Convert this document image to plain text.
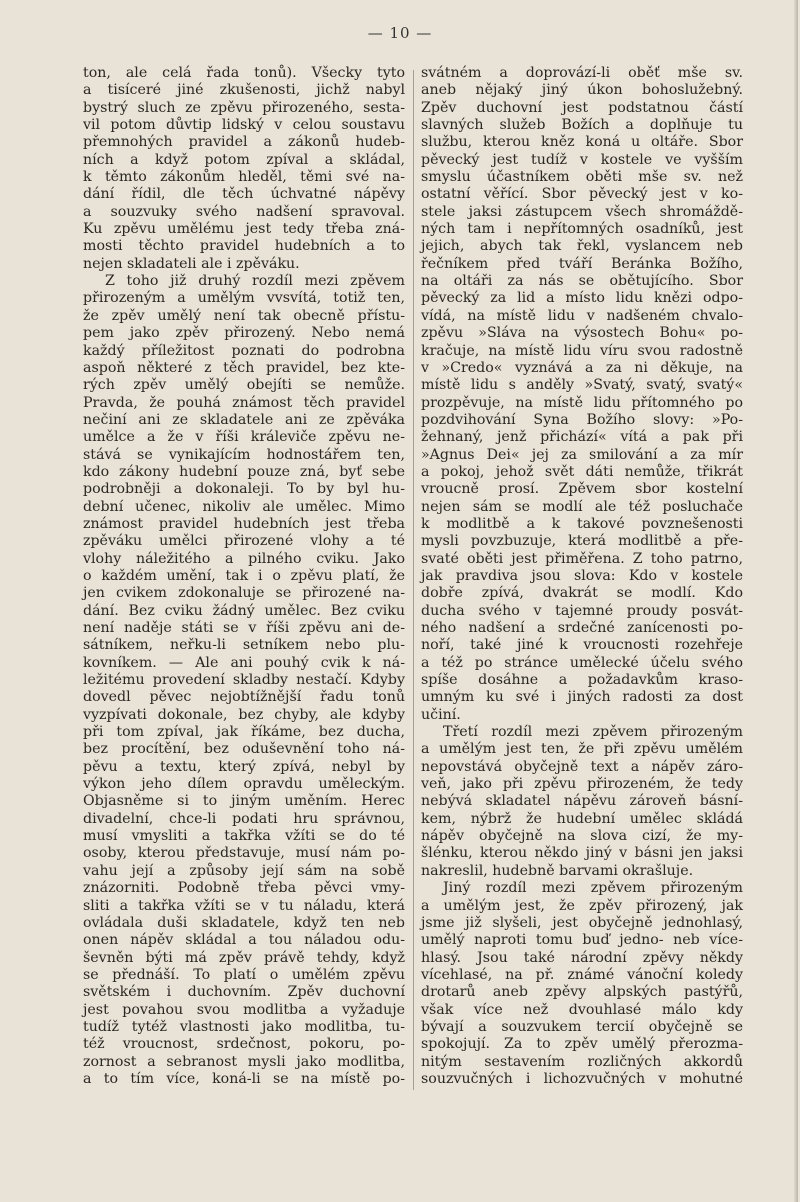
— 10 —
ton, ale celá řada tonů). Všecky tyto
a tisíceré jiné zkušenosti, jichž nabyl
bystrý sluch ze zpěvu přirozeného, sesta-
vil potom důvtip lidský v celou soustavu
přemnohých pravidel a zákonů hudeb-
ních a když potom zpíval a skládal,
k těmto zákonům hleděl, těmi své na-
dání řídil, dle těch úchvatné nápěvy
a souzvuky svého nadšení spravoval.
Ku zpěvu umělému jest tedy třeba zná-
mosti těchto pravidel hudebních a to
nejen skladateli ale i zpěváku.
Z toho již druhý rozdíl mezi zpěvem
přirozeným a umělým vvsvítá, totiž ten,
že zpěv umělý není tak obecně přístu-
pem jako zpěv přirozený. Nebo nemá
každý příležitost poznati do podrobna
aspoň některé z těch pravidel, bez kte-
rých zpěv umělý obejíti se nemůže.
Pravda, že pouhá známost těch pravidel
nečiní ani ze skladatele ani ze zpěváka
umělce a že v říši králeviče zpěvu ne-
stává se vynikajícím hodnostářem ten,
kdo zákony hudební pouze zná, byť sebe
podrobněji a dokonaleji. To by byl hu-
dební učenec, nikoliv ale umělec. Mimo
známost pravidel hudebních jest třeba
zpěváku umělci přirozené vlohy a té
vlohy náležitého a pilného cviku. Jako
o každém umění, tak i o zpěvu platí, že
jen cvikem zdokonaluje se přirozené na-
dání. Bez cviku žádný umělec. Bez cviku
není naděje státi se v říši zpěvu ani de-
sátníkem, neřku-li setníkem nebo plu-
kovníkem. — Ale ani pouhý cvik k ná-
ležitému provedení skladby nestačí. Kdyby
dovedl pěvec nejobtížnější řadu tonů
vyzpívati dokonale, bez chyby, ale kdyby
při tom zpíval, jak říkáme, bez ducha,
bez procítění, bez oduševnění toho ná-
pěvu a textu, který zpívá, nebyl by
výkon jeho dílem opravdu uměleckým.
Objasněme si to jiným uměním. Herec
divadelní, chce-li podati hru správnou,
musí vmysliti a takřka vžíti se do té
osoby, kterou představuje, musí nám po-
vahu její a způsoby její sám na sobě
znázorniti. Podobně třeba pěvci vmy-
sliti a takřka vžíti se v tu náladu, která
ovládala duši skladatele, když ten neb
onen nápěv skládal a tou náladou odu-
ševněn býti má zpěv právě tehdy, když
se přednáší. To platí o umělém zpěvu
světském i duchovním. Zpěv duchovní
jest povahou svou modlitba a vyžaduje
tudíž tytéž vlastnosti jako modlitba, tu-
též vroucnost, srdečnost, pokoru, po-
zornost a sebranost mysli jako modlitba,
a to tím více, koná-li se na místě po-
svátném a doprovází-li oběť mše sv.
aneb nějaký jiný úkon bohoslužebný.
Zpěv duchovní jest podstatnou částí
slavných služeb Božích a doplňuje tu
službu, kterou kněz koná u oltáře. Sbor
pěvecký jest tudíž v kostele ve vyšším
smyslu účastníkem oběti mše sv. než
ostatní věřící. Sbor pěvecký jest v ko-
stele jaksi zástupcem všech shromáždě-
ných tam i nepřítomných osadníků, jest
jejich, abych tak řekl, vyslancem neb
řečníkem před tváří Beránka Božího,
na oltáři za nás se obětujícího. Sbor
pěvecký za lid a místo lidu knězi odpo-
vídá, na místě lidu v nadšeném chvalo-
zpěvu »Sláva na výsostech Bohu« po-
kračuje, na místě lidu víru svou radostně
v »Credo« vyznává a za ni děkuje, na
místě lidu s anděly »Svatý, svatý, svatý«
prozpěvuje, na místě lidu přítomného po
pozdvihování Syna Božího slovy: »Po-
žehnaný, jenž přichází« vítá a pak při
»Agnus Dei« jej za smilování a za mír
a pokoj, jehož svět dáti nemůže, třikrát
vroucně prosí. Zpěvem sbor kostelní
nejen sám se modlí ale též posluchače
k modlitbě a k takové povznešenosti
mysli povzbuzuje, která modlitbě a pře-
svaté oběti jest přiměřena. Z toho patrno,
jak pravdiva jsou slova: Kdo v kostele
dobře zpívá, dvakrát se modlí. Kdo
ducha svého v tajemné proudy posvát-
ného nadšení a srdečné zanícenosti po-
noří, také jiné k vroucnosti rozehřeje
a též po stránce umělecké účelu svého
spíše dosáhne a požadavkům kraso-
umným ku své i jiných radosti za dost
učiní.
Třetí rozdíl mezi zpěvem přirozeným
a umělým jest ten, že při zpěvu umělém
nepovstává obyčejně text a nápěv záro-
veň, jako při zpěvu přirozeném, že tedy
nebývá skladatel nápěvu zároveň básní-
kem, nýbrž že hudební umělec skládá
nápěv obyčejně na slova cizí, že my-
šlénku, kterou někdo jiný v básni jen jaksi
nakreslil, hudebně barvami okrašluje.
Jiný rozdíl mezi zpěvem přirozeným
a umělým jest, že zpěv přirozený, jak
jsme již slyšeli, jest obyčejně jednohlasý,
umělý naproti tomu buď jedno- neb více-
hlasý. Jsou také národní zpěvy někdy
vícehlasé, na př. známé vánoční koledy
drotarů aneb zpěvy alpských pastýřů,
však více než dvouhlasé málo kdy
bývají a souzvukem tercií obyčejně se
spokojují. Za to zpěv umělý přerozma-
nitým sestavením rozličných akkordů
souzvučných i lichozvučných v mohutné
